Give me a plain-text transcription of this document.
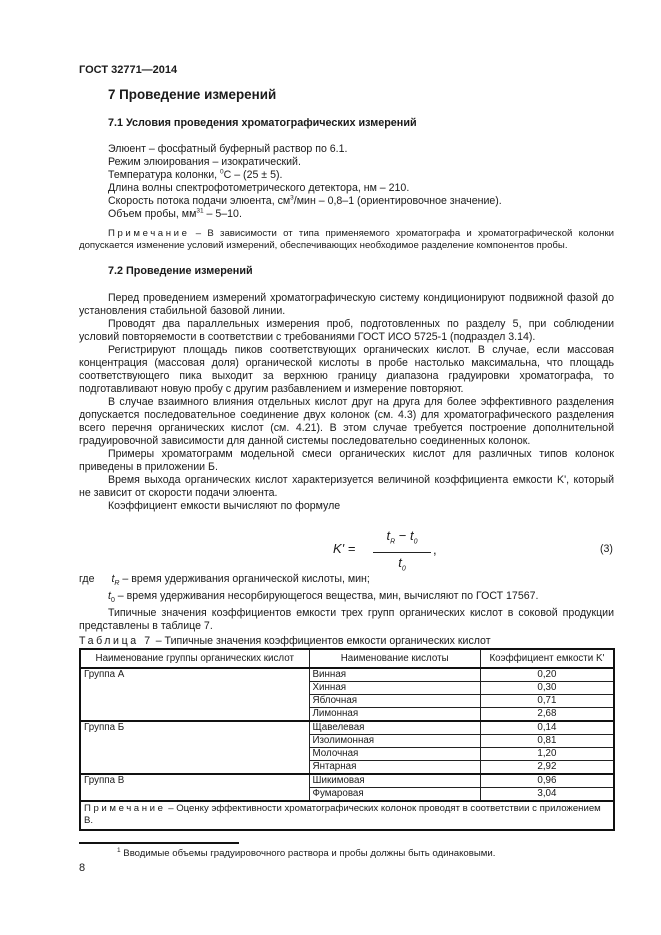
ГОСТ 32771—2014
7 Проведение измерений
7.1 Условия проведения хроматографических измерений
Элюент – фосфатный буферный раствор по 6.1.
Режим элюирования – изократический.
Температура колонки, $^0$С – (25 ± 5).
Длина волны спектрофотометрического детектора, нм – 210.
Скорость потока подачи элюента, $см^3$/мин – 0,8–1 (ориентировочное значение).
Объем пробы, $мм^{31} - 5-10$.

Примечание – В зависимости от типа применяемого хроматографа и хроматографической колонки допускается изменение условий измерений, обеспечивающих необходимое разделение компонентов пробы.

7.2 Проведение измерений

Перед проведением измерений хроматографическую систему кондиционируют подвижной фазой до установления стабильной базовой линии.

Проводят два параллельных измерения проб, подготовленных по разделу 5, при соблюдении условий повторяемости в соответствии с требованиями ГОСТ ИСО 5725-1 (подраздел 3.14).

Регистрируют площадь пиков соответствующих органических кислот. В случае, если массовая концентрация (массовая доля) органической кислоты в пробе настолько максимальна, что площадь соответствующего пика выходит за верхнюю границу диапазона градуировки хроматографа, то подготавливают новую пробу с другим разбавлением и измерение повторяют.

В случае взаимного влияния отдельных кислот друг на друга для более эффективного разделения допускается последовательное соединение двух колонок (см. 4.3) для хроматографического разделения всего перечня органических кислот (см. 4.21). В этом случае требуется построение дополнительной градуировочной зависимости для данной системы последовательно соединенных колонок.

Примеры хроматограмм модельной смеси органических кислот для различных типов колонок приведены в приложении Б.

Время выхода органических кислот характеризуется величиной коэффициента емкости K', который не зависит от скорости подачи элюента.

Коэффициент емкости вычисляют по формуле

K' =
$t_R - t_0$
$t_0$
,	(3)
где $t_R$ – время удерживания органической кислоты, мин;
$t_0$ – время удерживания несорбирующегося вещества, мин, вычисляют по ГОСТ 17567.

Типичные значения коэффициентов емкости трех групп органических кислот в соковой продукции представлены в таблице 7.

Таблица 7 – Типичные значения коэффициентов емкости органических кислот
Наименование группы органических кислот	Наименование кислоты	Коэффициент емкости K'
Группа А	Винная	0,20
	Хинная	0,30
	Яблочная	0,71
	Лимонная	2,68
Группа Б	Щавелевая	0,14
	Изолимонная	0,81
	Молочная	1,20
	Янтарная	2,92
Группа В	Шикимовая	0,96
	Фумаровая	3,04
Примечание – Оценку эффективности хроматографических колонок проводят в соответствии с приложением В.		
$^1$ Вводимые объемы градуировочного раствора и пробы должны быть одинаковыми.
8
